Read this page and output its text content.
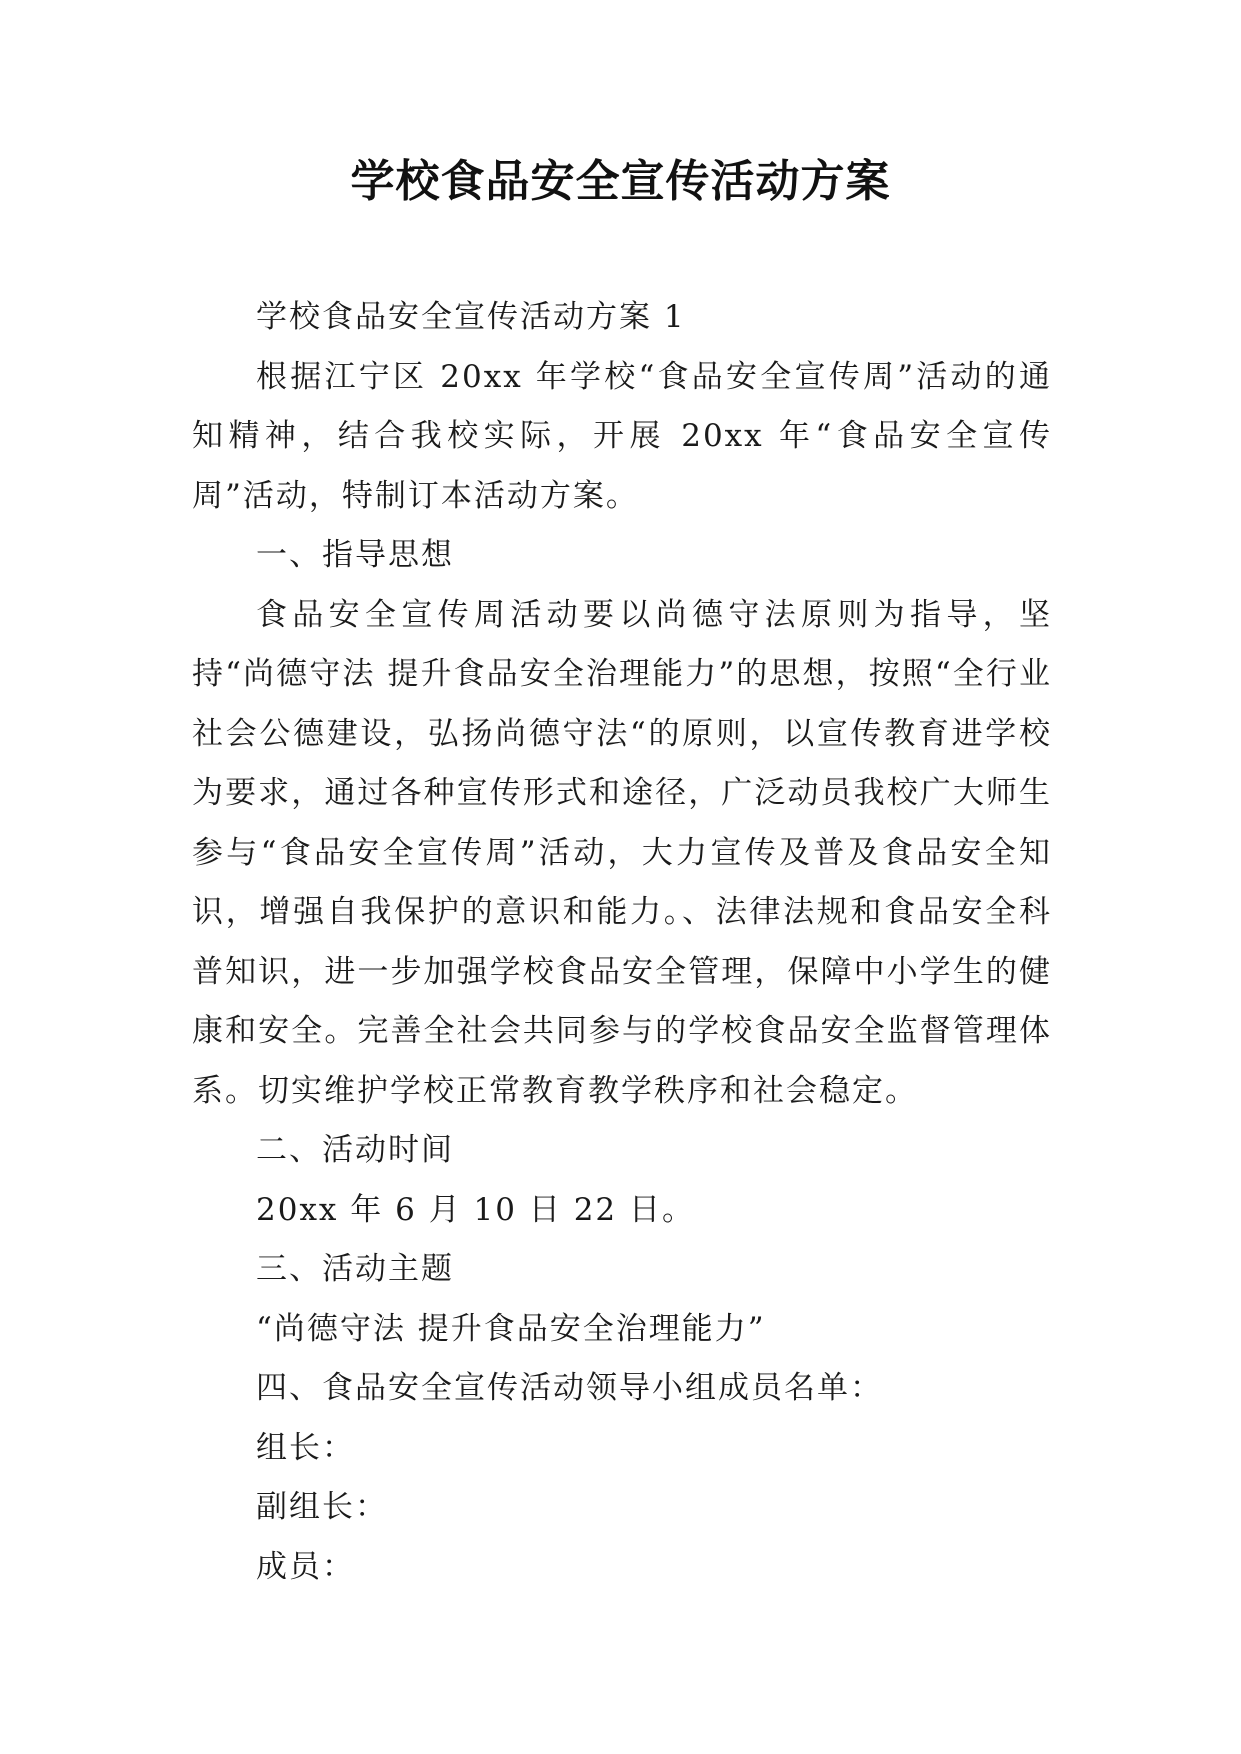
学校食品安全宣传活动方案

学校食品安全宣传活动方案 1

根据江宁区 20xx 年学校“食品安全宣传周”活动的通知精神，结合我校实际，开展 20xx 年“食品安全宣传周”活动，特制订本活动方案。

一、指导思想

食品安全宣传周活动要以尚德守法原则为指导，坚持“尚德守法 提升食品安全治理能力”的思想，按照“全行业社会公德建设，弘扬尚德守法“的原则，以宣传教育进学校为要求，通过各种宣传形式和途径，广泛动员我校广大师生参与“食品安全宣传周”活动，大力宣传及普及食品安全知识，增强自我保护的意识和能力。、法律法规和食品安全科普知识，进一步加强学校食品安全管理，保障中小学生的健康和安全。完善全社会共同参与的学校食品安全监督管理体系。切实维护学校正常教育教学秩序和社会稳定。

二、活动时间

20xx 年 6 月 10 日 22 日。

三、活动主题

“尚德守法 提升食品安全治理能力”

四、食品安全宣传活动领导小组成员名单：

组长：

副组长：

成员：
